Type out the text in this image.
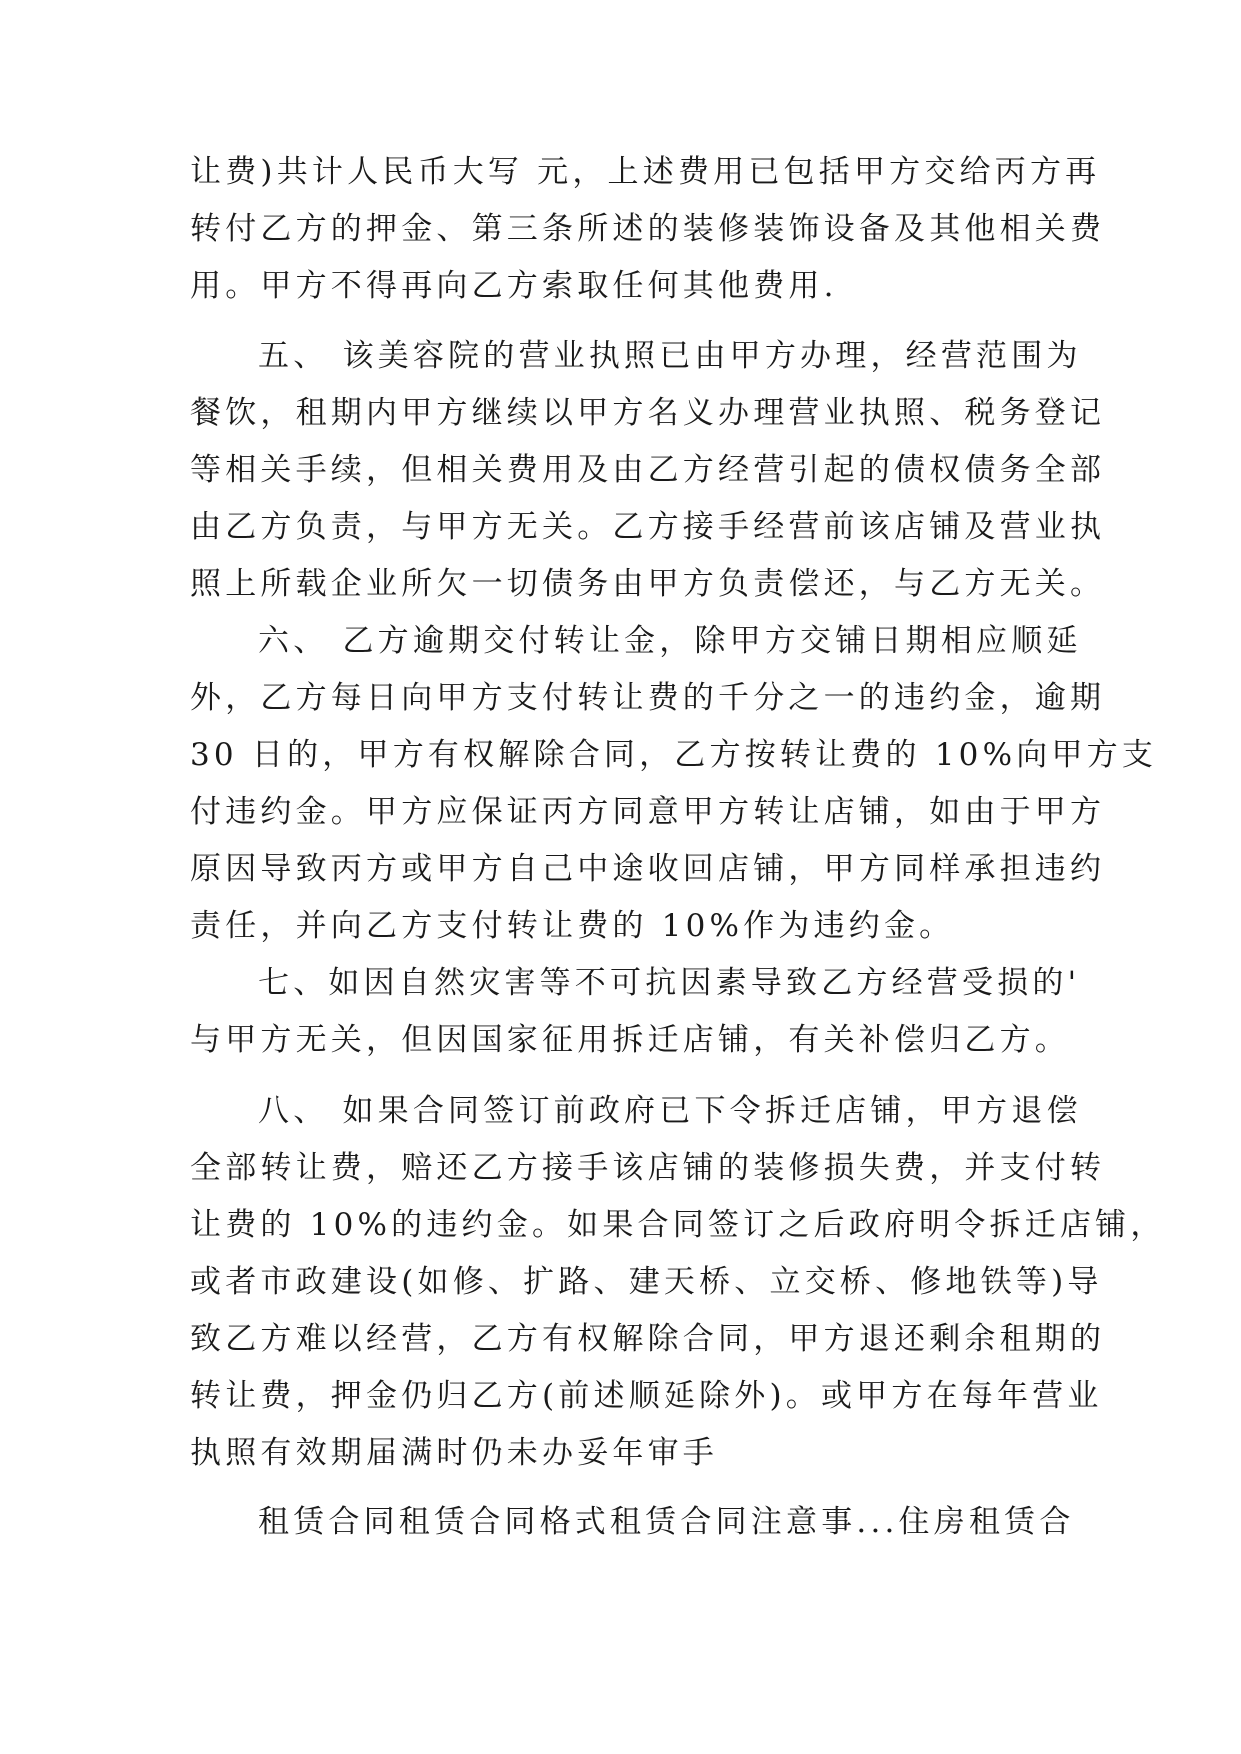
让费)共计人民币大写 元，上述费用已包括甲方交给丙方再
转付乙方的押金、第三条所述的装修装饰设备及其他相关费
用。甲方不得再向乙方索取任何其他费用.
五、 该美容院的营业执照已由甲方办理，经营范围为
餐饮，租期内甲方继续以甲方名义办理营业执照、税务登记
等相关手续，但相关费用及由乙方经营引起的债权债务全部
由乙方负责，与甲方无关。乙方接手经营前该店铺及营业执
照上所载企业所欠一切债务由甲方负责偿还，与乙方无关。
六、 乙方逾期交付转让金，除甲方交铺日期相应顺延
外，乙方每日向甲方支付转让费的千分之一的违约金，逾期
30 日的，甲方有权解除合同，乙方按转让费的 10%向甲方支
付违约金。甲方应保证丙方同意甲方转让店铺，如由于甲方
原因导致丙方或甲方自己中途收回店铺，甲方同样承担违约
责任，并向乙方支付转让费的 10%作为违约金。
七、如因自然灾害等不可抗因素导致乙方经营受损的'
与甲方无关，但因国家征用拆迁店铺，有关补偿归乙方。
八、 如果合同签订前政府已下令拆迁店铺，甲方退偿
全部转让费，赔还乙方接手该店铺的装修损失费，并支付转
让费的 10%的违约金。如果合同签订之后政府明令拆迁店铺，
或者市政建设(如修、扩路、建天桥、立交桥、修地铁等)导
致乙方难以经营，乙方有权解除合同，甲方退还剩余租期的
转让费，押金仍归乙方(前述顺延除外)。或甲方在每年营业
执照有效期届满时仍未办妥年审手
租赁合同租赁合同格式租赁合同注意事...住房租赁合
